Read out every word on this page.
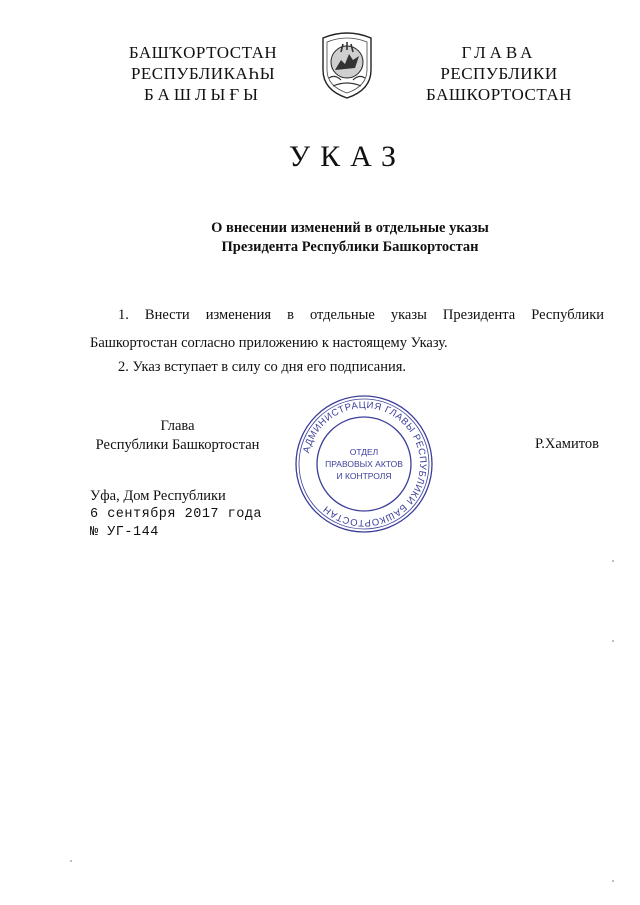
БАШҠОРТОСТАН
РЕСПУБЛИКАҺЫ
БАШЛЫҒЫ
ГЛАВА
РЕСПУБЛИКИ
БАШКОРТОСТАН
УКАЗ
О внесении изменений в отдельные указы
Президента Республики Башкортостан
1. Внести изменения в отдельные указы Президента Республики
Башкортостан согласно приложению к настоящему Указу.
2. Указ вступает в силу со дня его подписания.
Глава
Республики Башкортостан	Р.Хамитов
АДМИНИСТРАЦИЯ ГЛАВЫ РЕСПУБЛИКИ БАШКОРТОСТАН
ОТДЕЛ
ПРАВОВЫХ АКТОВ
И КОНТРОЛЯ
Уфа, Дом Республики
6 сентября 2017 года
№ УГ-144
